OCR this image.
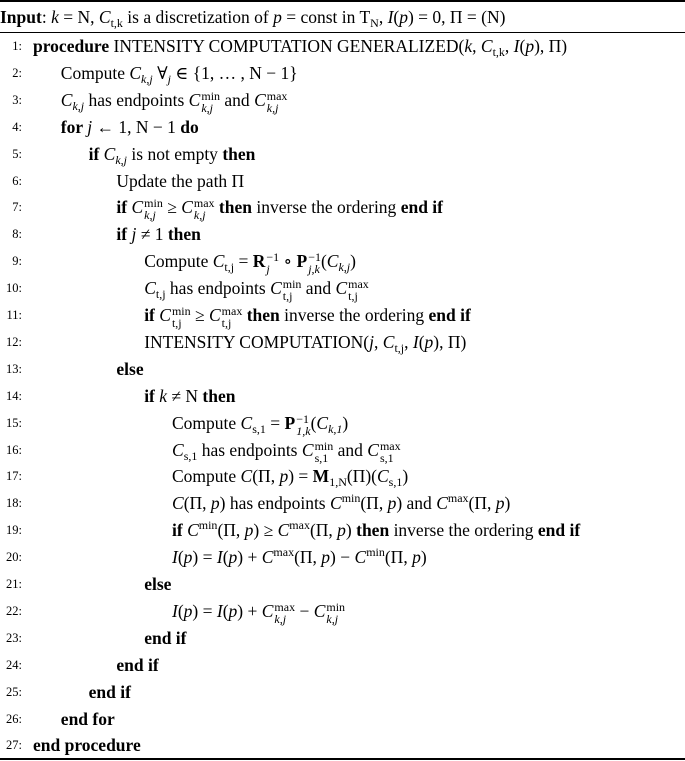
Input: k = N, $C_{t,k}$ is a discretization of p = const in $T_N$, I(p) = 0, Π = (N)
1: procedure INTENSITY COMPUTATION GENERALIZED(k, $C_{t,k}$, I(p), Π)
2: Compute $C_{k,j}$ $\forall_j$ ∈ {1, … , N − 1}
3: $C_{k,j}$ has endpoints C min
k,j and C max
k,j
4: for j ← 1, N − 1 do
5:	if $C_{k,j}$ is not empty then
6:	Update the path Π
7:	if C min
k,j ≥ C max
k,j then inverse the ordering end if
8:	if j ≠ 1 then
9:	Compute $C_{t,j} = R -1$
j ∘ P −1
j,k $(C_{k,j})$
10:	$C_{t,j}$ has endpoints C min
t,j and C max
t,j
11:	if C min
t,j ≥ C max
t,j then inverse the ordering end if
12:	INTENSITY COMPUTATION(j, $C_{t,j}$, I(p), Π)
13:	else
14:	if k ≠ N then
15:	Compute $C_{s,1} = P -1$
1,k $(C_{k,1})$
16:	$C_{s,1}$ has endpoints C min
s,1 and C max
s,1
17:	Compute C(Π, $p) = M_{1,N}(\Pi)(C_{s,1})$
18:	C(Π, p) has endpoints $C^{min}(\Pi$, p) and $C^{max}(\Pi$, p)
19:	if $C^{min}(\Pi$, $p) \ge C^{max}(\Pi$, p) then inverse the ordering end if
20:	$I(p) = I(p) + C^{max}(\Pi$, $p) - C^{min}(\Pi$, p)
21:	else
22:	I(p) = I(p) + C max
k,j − C min
k,j
23:	end if
24:	end if
25:	end if
26: end for
27: end procedure
